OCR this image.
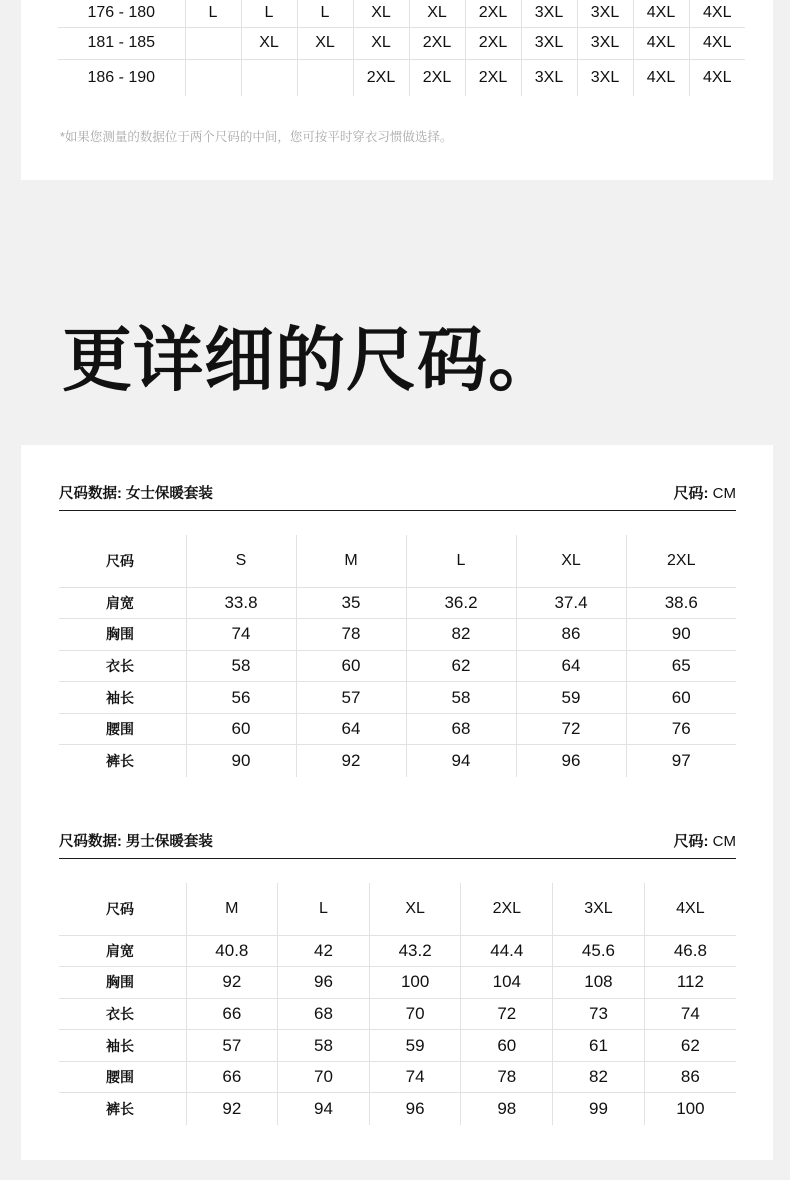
176 - 180	L	L	L	XL	XL	2XL	3XL	3XL	4XL	4XL
181 - 185		XL	XL	XL	2XL	2XL	3XL	3XL	4XL	4XL
186 - 190				2XL	2XL	2XL	3XL	3XL	4XL	4XL
*如果您测量的数据位于两个尺码的中间，您可按平时穿衣习惯做选择。
更详细的尺码。
尺码数据: 女士保暖套装	尺码: CM
尺码	S	M	L	XL	2XL
肩宽	33.8	35	36.2	37.4	38.6
胸围	74	78	82	86	90
衣长	58	60	62	64	65
袖长	56	57	58	59	60
腰围	60	64	68	72	76
裤长	90	92	94	96	97
尺码数据: 男士保暖套装	尺码: CM
尺码	M	L	XL	2XL	3XL	4XL
肩宽	40.8	42	43.2	44.4	45.6	46.8
胸围	92	96	100	104	108	112
衣长	66	68	70	72	73	74
袖长	57	58	59	60	61	62
腰围	66	70	74	78	82	86
裤长	92	94	96	98	99	100
